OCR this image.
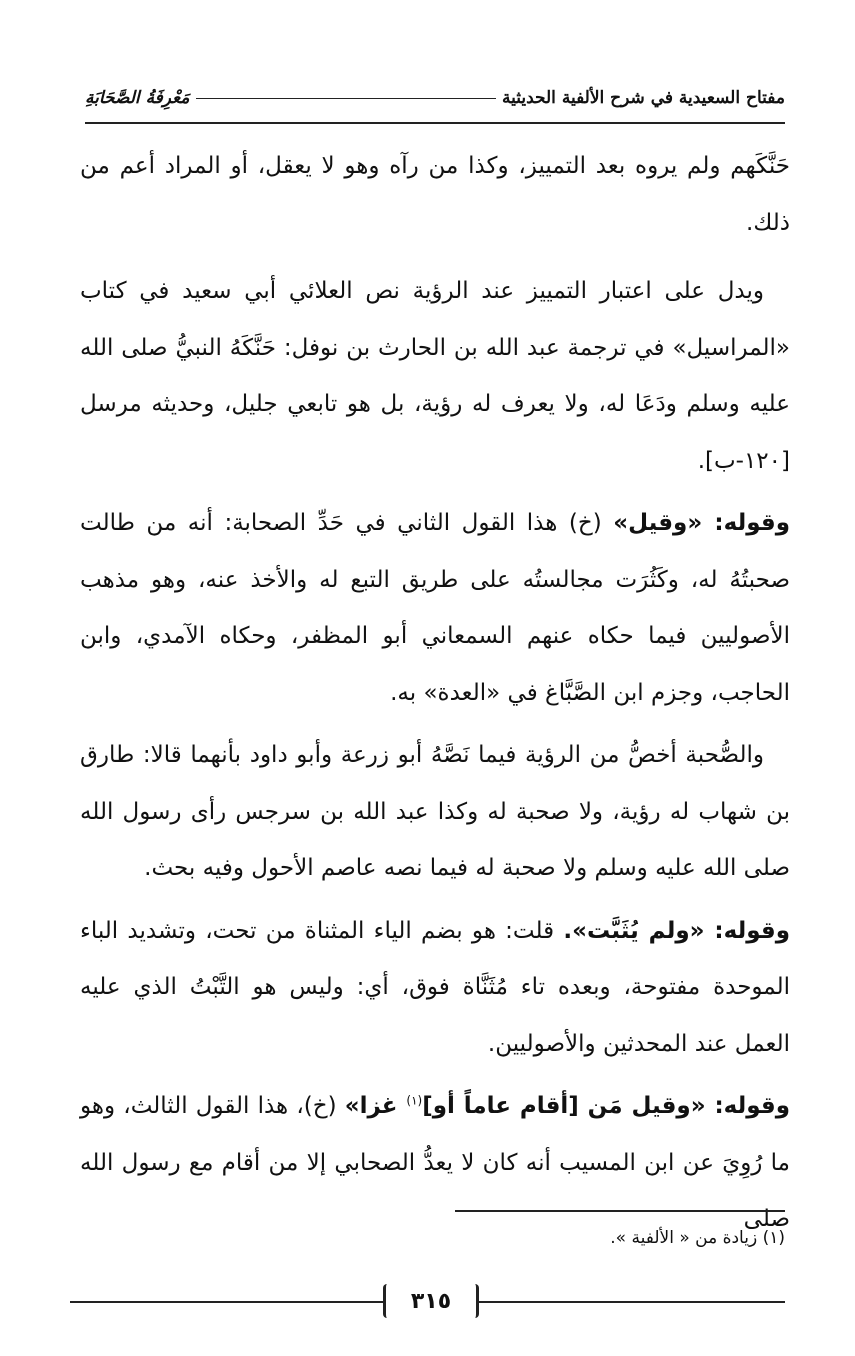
مفتاح السعيدية في شرح الألفية الحديثية
مَعْرِفَةُ الصَّحَابَةِ

حَنَّكَهم ولم يروه بعد التمييز، وكذا من رآه وهو لا يعقل، أو المراد أعم من ذلك.

ويدل على اعتبار التمييز عند الرؤية نص العلائي أبي سعيد في كتاب «المراسيل» في ترجمة عبد الله بن الحارث بن نوفل: حَنَّكَهُ النبيُّ صلى الله عليه وسلم ودَعَا له، ولا يعرف له رؤية، بل هو تابعي جليل، وحديثه مرسل [١٢٠-ب].

وقوله: «وقيل» (خ) هذا القول الثاني في حَدِّ الصحابة: أنه من طالت صحبتُهُ له، وكَثُرَت مجالستُه على طريق التبع له والأخذ عنه، وهو مذهب الأصوليين فيما حكاه عنهم السمعاني أبو المظفر، وحكاه الآمدي، وابن الحاجب، وجزم ابن الصَّبَّاغ في «العدة» به.

والصُّحبة أخصُّ من الرؤية فيما نَصَّهُ أبو زرعة وأبو داود بأنهما قالا: طارق بن شهاب له رؤية، ولا صحبة له وكذا عبد الله بن سرجس رأى رسول الله صلى الله عليه وسلم ولا صحبة له فيما نصه عاصم الأحول وفيه بحث.

وقوله: «ولم يُثَبَّت». قلت: هو بضم الياء المثناة من تحت، وتشديد الباء الموحدة مفتوحة، وبعده تاء مُثَنَّاة فوق، أي: وليس هو التَّبْتُ الذي عليه العمل عند المحدثين والأصوليين.

وقوله: «وقيل مَن [أقام عاماً أو]$^{(١)}$ غزا» (خ)، هذا القول الثالث، وهو ما رُوِيَ عن ابن المسيب أنه كان لا يعدُّ الصحابي إلا من أقام مع رسول الله صلى

(١) زيادة من « الألفية ».
٣١٥
